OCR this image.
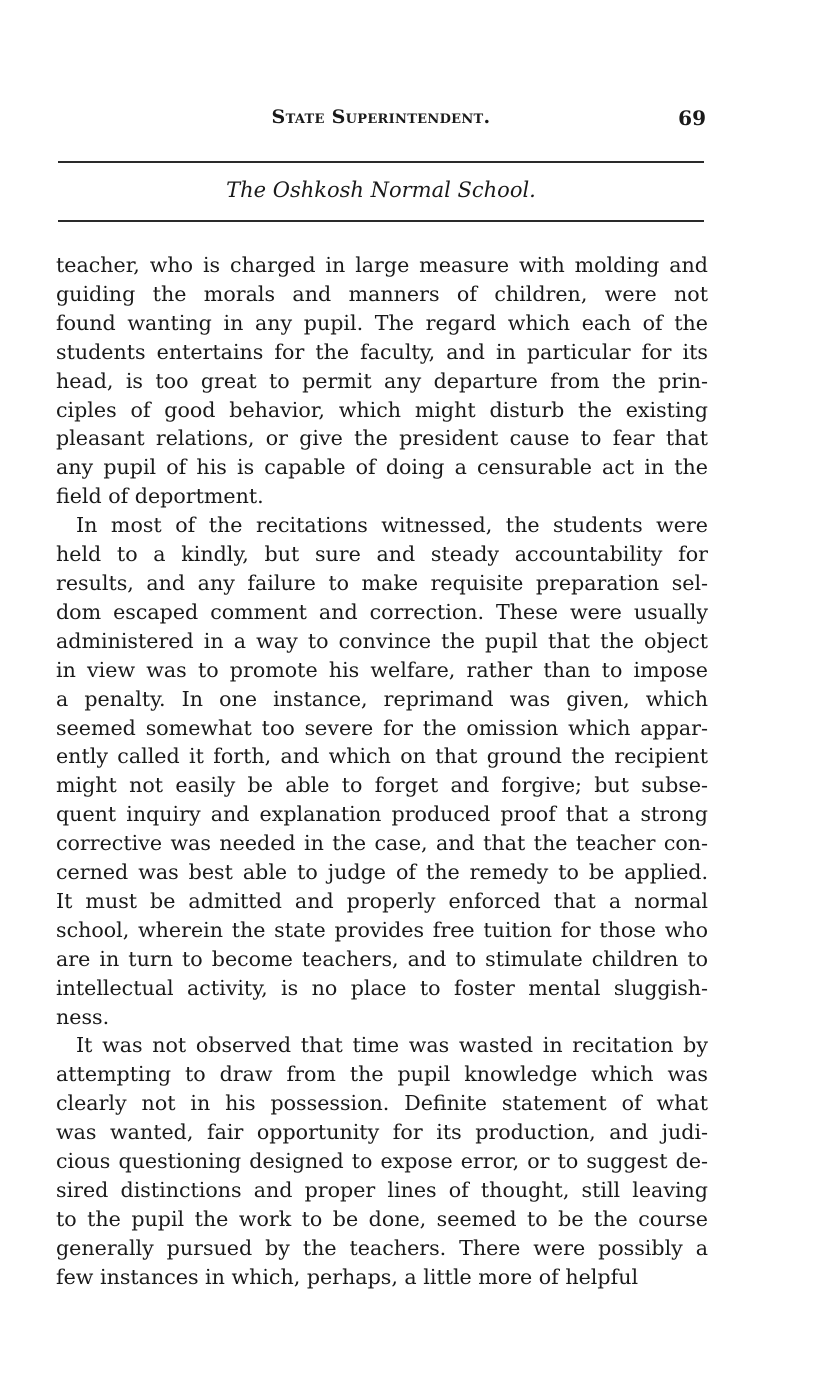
State Superintendent.	69
The Oshkosh Normal School.
teacher, who is charged in large measure with molding and
guiding the morals and manners of children, were not
found wanting in any pupil. The regard which each of the
students entertains for the faculty, and in particular for its
head, is too great to permit any departure from the prin-
ciples of good behavior, which might disturb the existing
pleasant relations, or give the president cause to fear that
any pupil of his is capable of doing a censurable act in the
field of deportment.
In most of the recitations witnessed, the students were
held to a kindly, but sure and steady accountability for
results, and any failure to make requisite preparation sel-
dom escaped comment and correction. These were usually
administered in a way to convince the pupil that the object
in view was to promote his welfare, rather than to impose
a penalty. In one instance, reprimand was given, which
seemed somewhat too severe for the omission which appar-
ently called it forth, and which on that ground the recipient
might not easily be able to forget and forgive; but subse-
quent inquiry and explanation produced proof that a strong
corrective was needed in the case, and that the teacher con-
cerned was best able to judge of the remedy to be applied.
It must be admitted and properly enforced that a normal
school, wherein the state provides free tuition for those who
are in turn to become teachers, and to stimulate children to
intellectual activity, is no place to foster mental sluggish-
ness.
It was not observed that time was wasted in recitation by
attempting to draw from the pupil knowledge which was
clearly not in his possession. Definite statement of what
was wanted, fair opportunity for its production, and judi-
cious questioning designed to expose error, or to suggest de-
sired distinctions and proper lines of thought, still leaving
to the pupil the work to be done, seemed to be the course
generally pursued by the teachers. There were possibly a
few instances in which, perhaps, a little more of helpful
